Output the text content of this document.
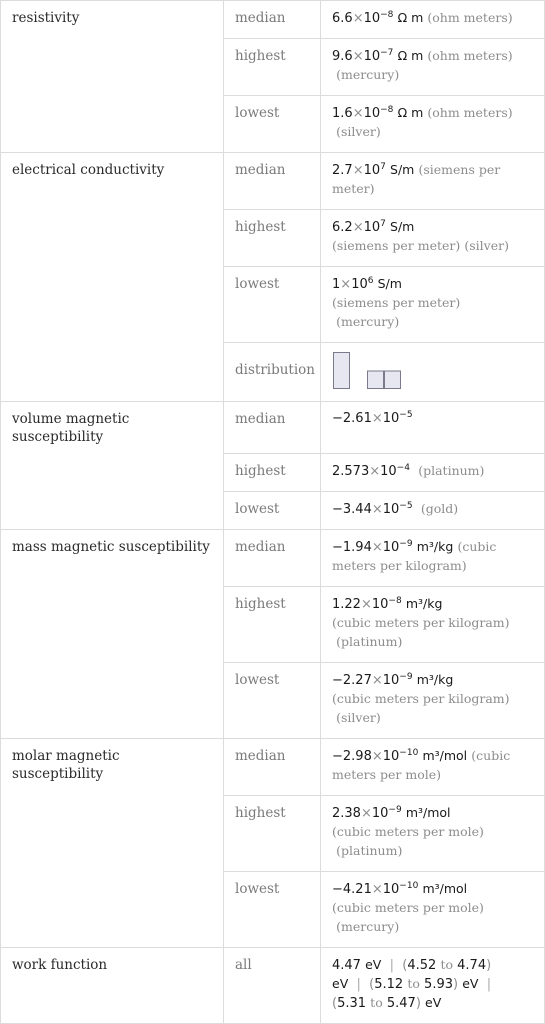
resistivity	median	$6.6\times 10^{-8}$ Ω m (ohm meters)
	highest	$9.6\times 10^{-7}$ Ω m (ohm meters)
(mercury)
	lowest	$1.6\times 10^{-8}$ Ω m (ohm meters)
(silver)
electrical conductivity	median	$2.7\times 10^7$ S/m (siemens per meter)
	highest	$6.2\times 10^7$ S/m
(siemens per meter) (silver)
	lowest	$1\times 10^6$ S/m
(siemens per meter)
(mercury)
	distribution	

volume magnetic susceptibility	median	$-2.61\times 10^{-5}$
	highest	$2.573\times 10^{-4}$ (platinum)
	lowest	$-3.44\times 10^{-5}$ (gold)
mass magnetic susceptibility	median	$-1.94\times 10^{-9}$ m³/kg (cubic meters per kilogram)
	highest	$1.22\times 10^{-8}$ m³/kg
(cubic meters per kilogram)
(platinum)
	lowest	$-2.27\times 10^{-9}$ m³/kg
(cubic meters per kilogram)
(silver)
molar magnetic susceptibility	median	$-2.98\times 10^{-10}$ m³/mol (cubic meters per mole)
	highest	$2.38\times 10^{-9}$ m³/mol
(cubic meters per mole)
(platinum)
	lowest	$-4.21\times 10^{-10}$ m³/mol
(cubic meters per mole)
(mercury)
work function	all	4.47 eV | (4.52 to 4.74)
eV | (5.12 to 5.93) eV |
(5.31 to 5.47) eV
